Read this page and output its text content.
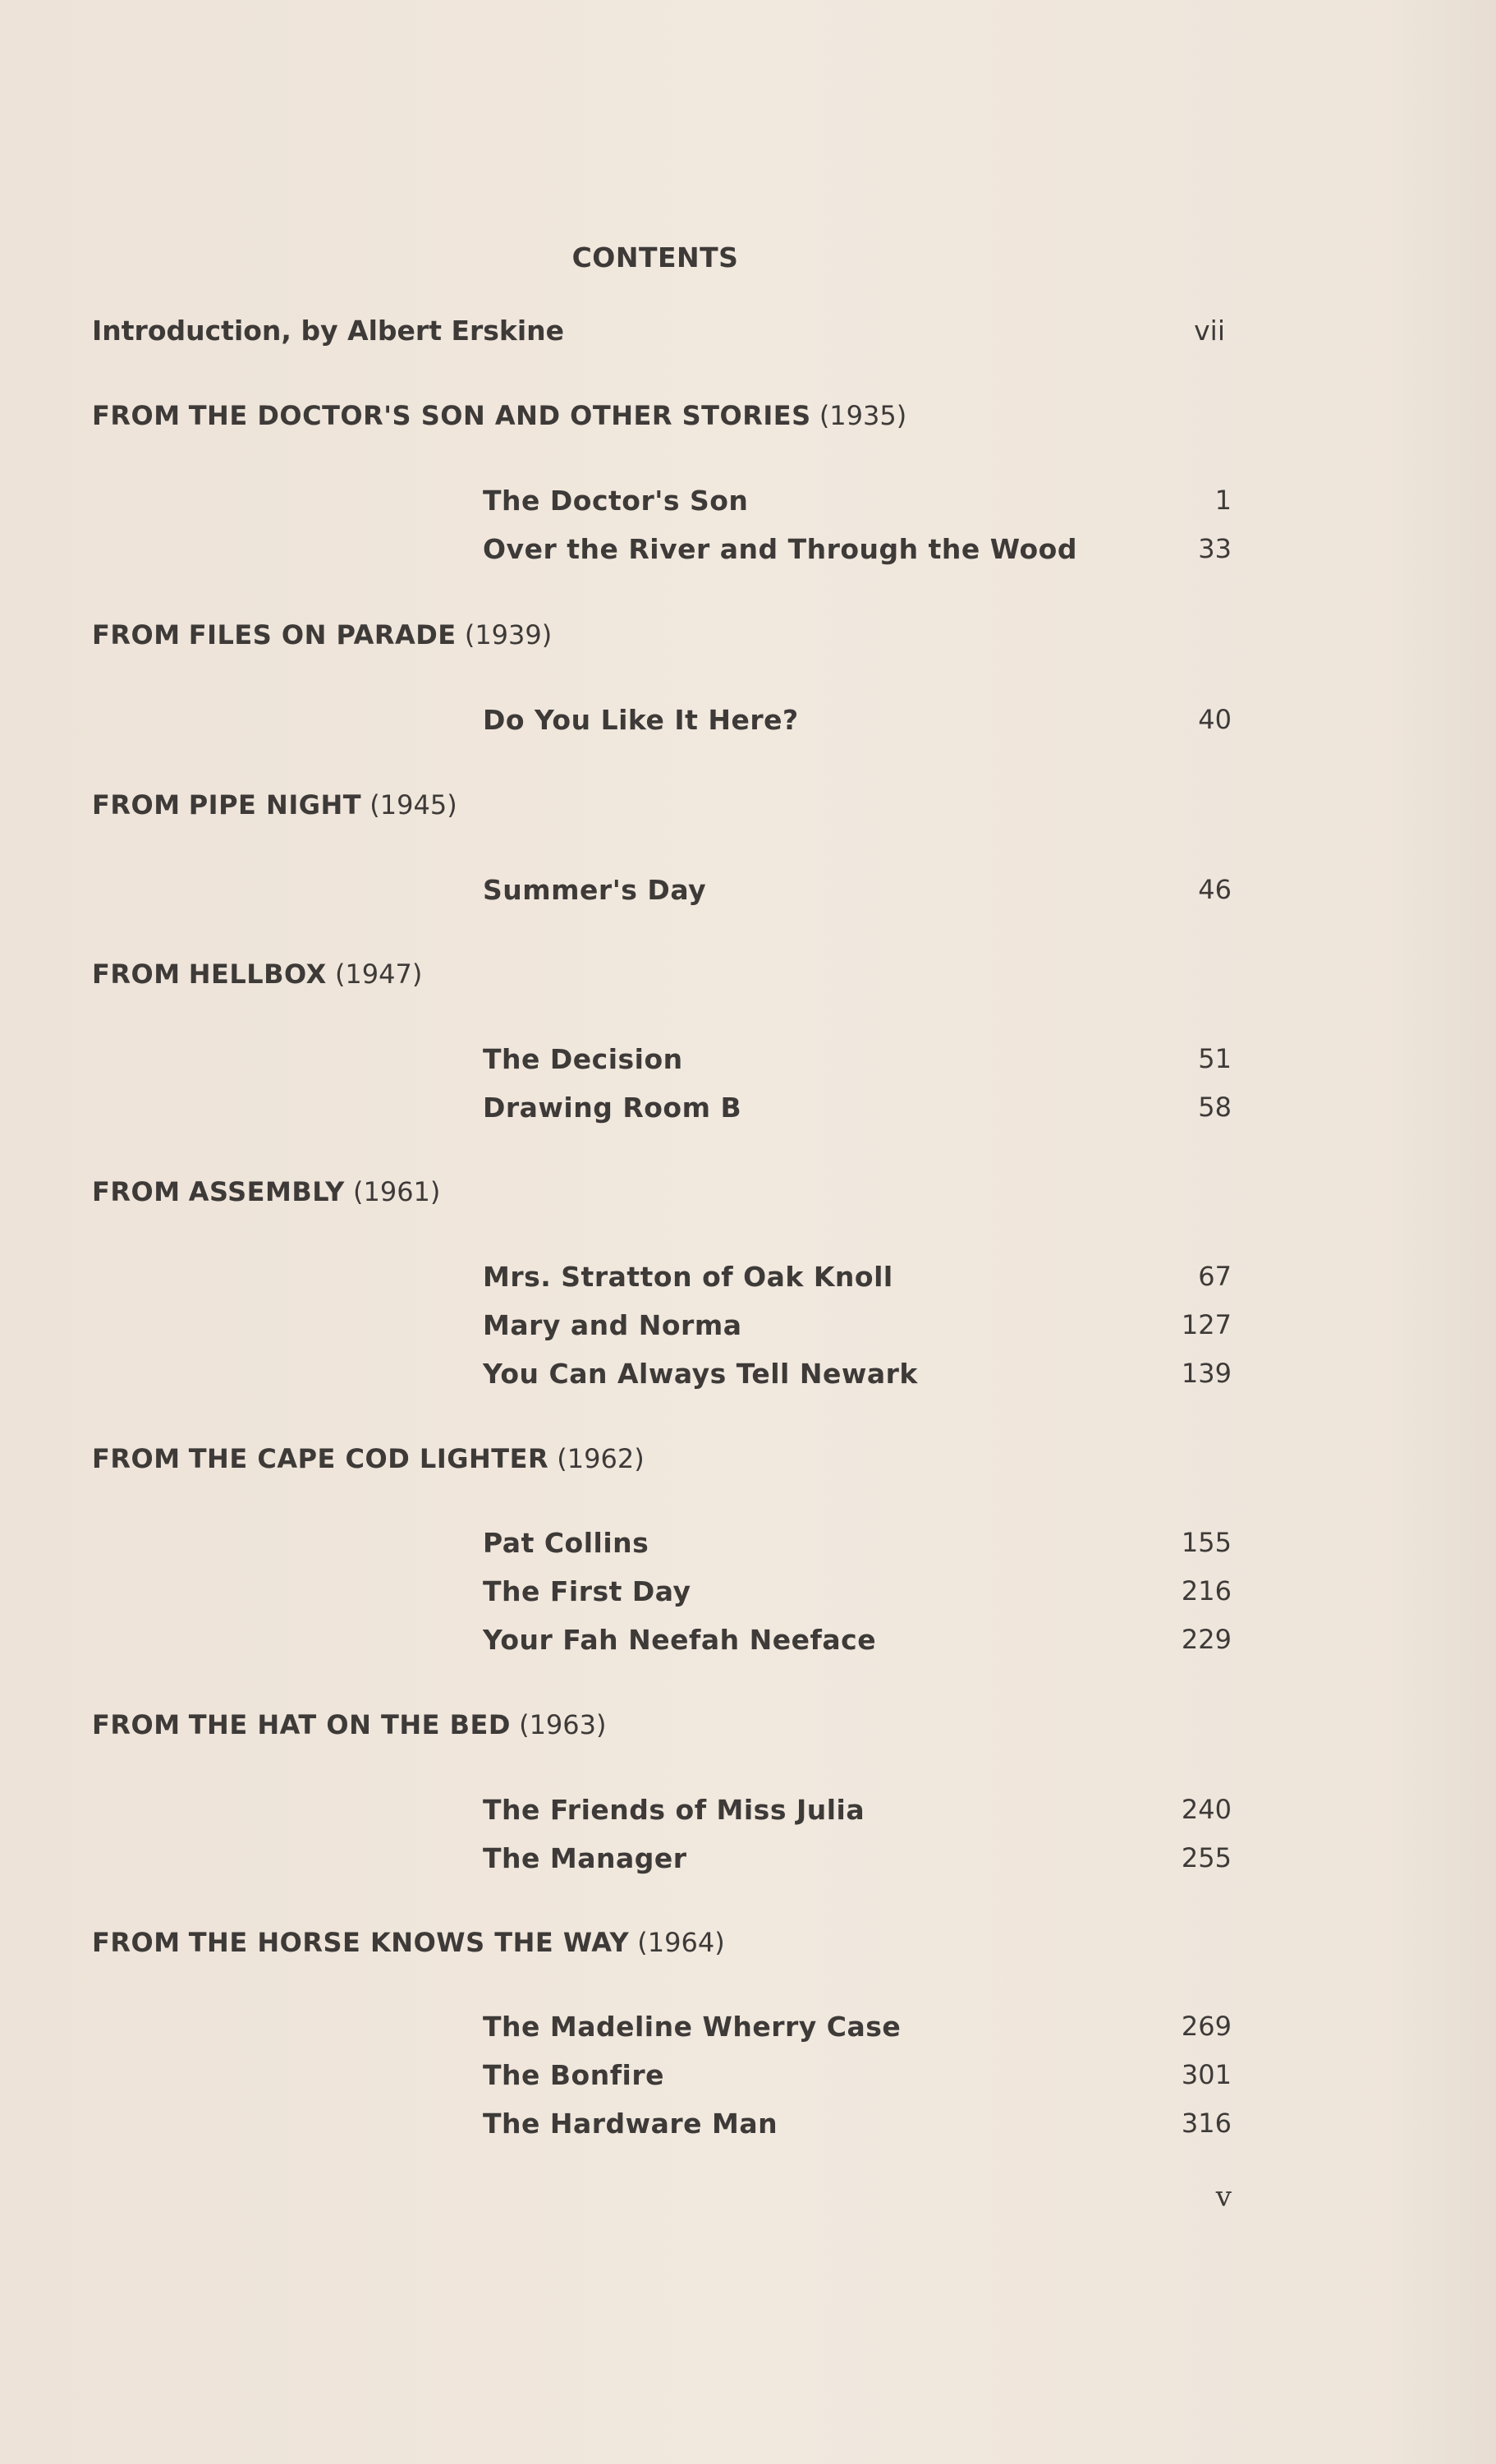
CONTENTS
Introduction, by Albert Erskine	vii
FROM THE DOCTOR'S SON AND OTHER STORIES (1935)
The Doctor's Son	1
Over the River and Through the Wood	33
FROM FILES ON PARADE (1939)
Do You Like It Here?	40
FROM PIPE NIGHT (1945)
Summer's Day	46
FROM HELLBOX (1947)
The Decision	51
Drawing Room B	58
FROM ASSEMBLY (1961)
Mrs. Stratton of Oak Knoll	67
Mary and Norma	127
You Can Always Tell Newark	139
FROM THE CAPE COD LIGHTER (1962)
Pat Collins	155
The First Day	216
Your Fah Neefah Neeface	229
FROM THE HAT ON THE BED (1963)
The Friends of Miss Julia	240
The Manager	255
FROM THE HORSE KNOWS THE WAY (1964)
The Madeline Wherry Case	269
The Bonfire	301
The Hardware Man	316
v
